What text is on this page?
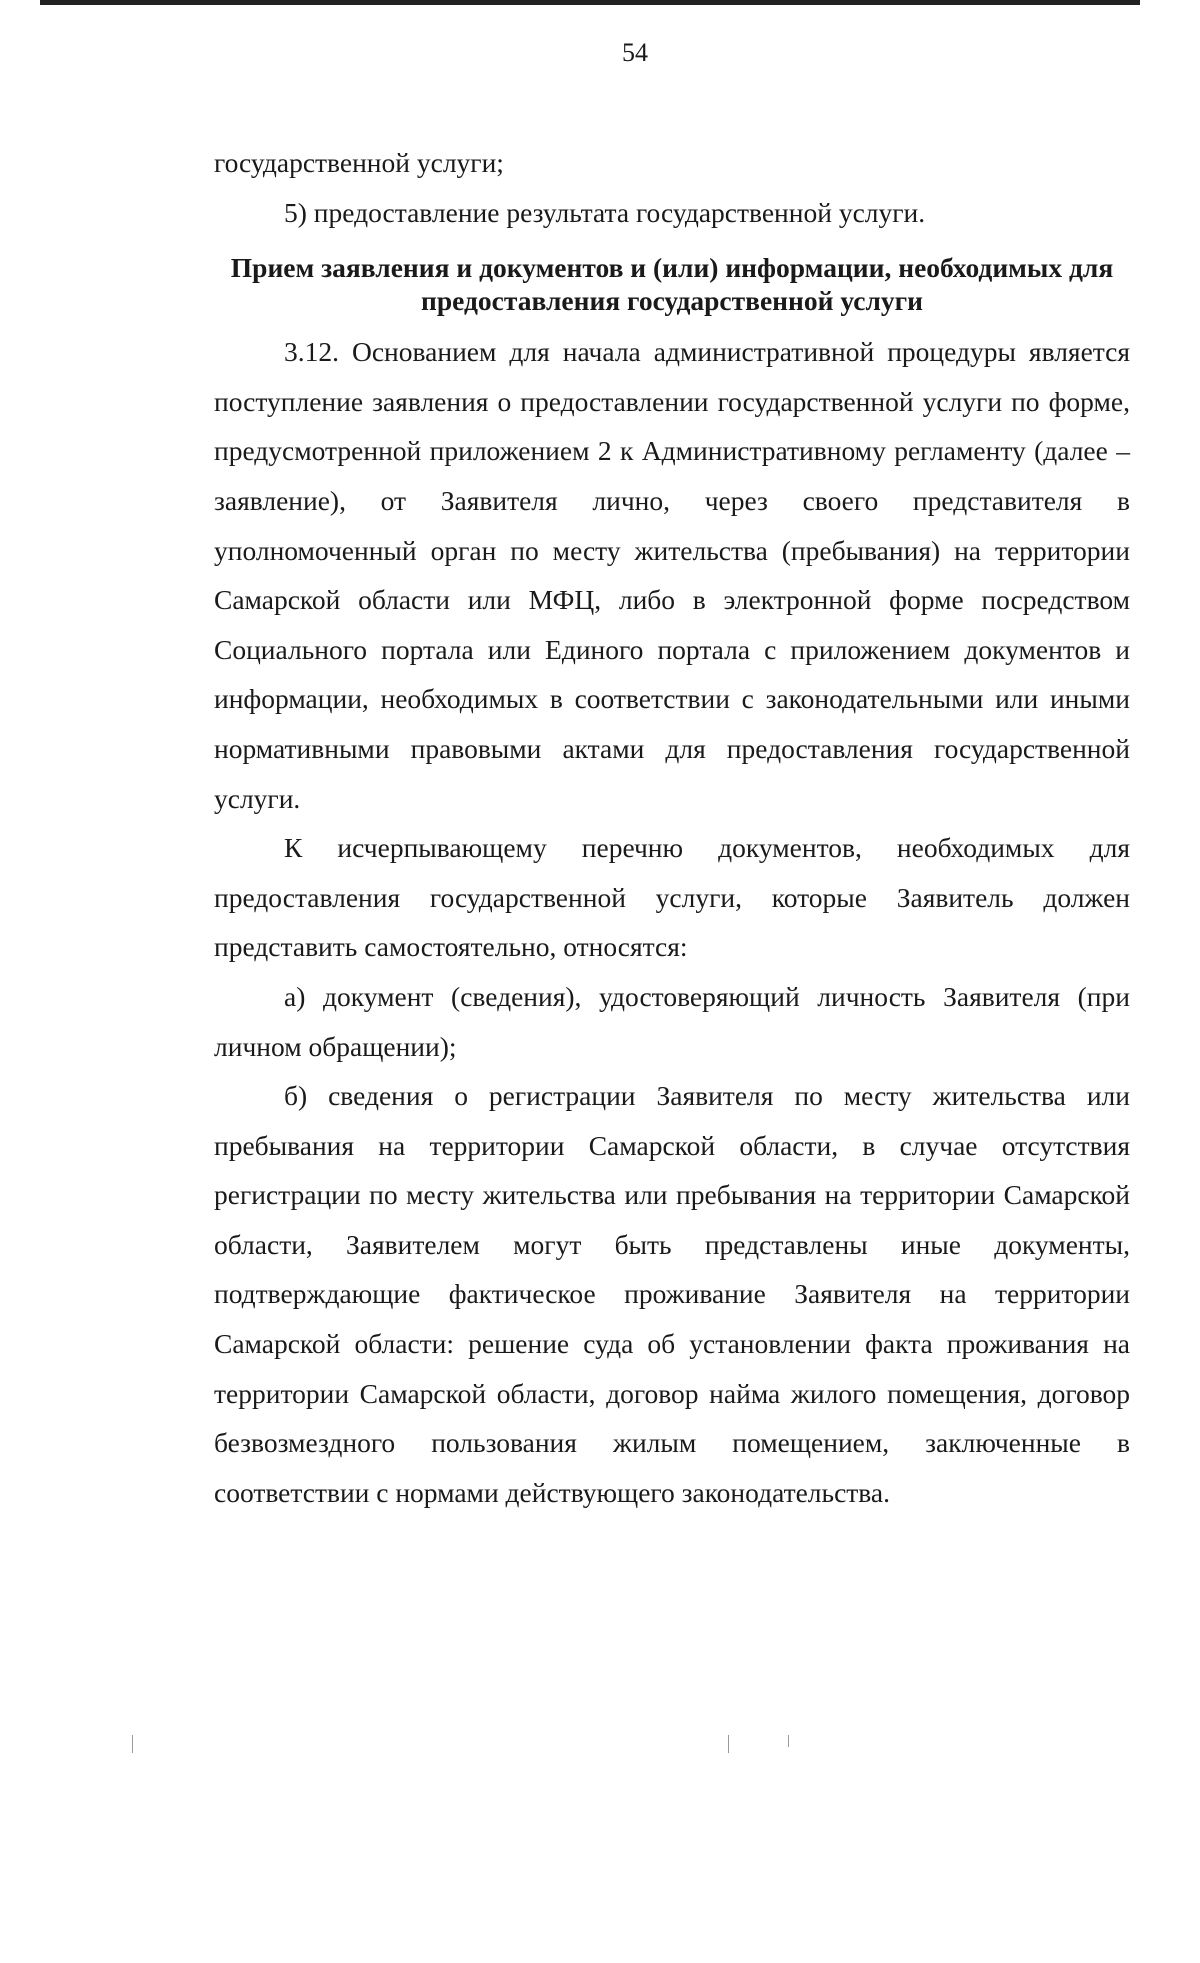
54

государственной услуги;

5) предоставление результата государственной услуги.

Прием заявления и документов и (или) информации, необходимых для предоставления государственной услуги

3.12. Основанием для начала административной процедуры является поступление заявления о предоставлении государственной услуги по форме, предусмотренной приложением 2 к Административному регламенту (далее – заявление), от Заявителя лично, через своего представителя в уполномоченный орган по месту жительства (пребывания) на территории Самарской области или МФЦ, либо в электронной форме посредством Социального портала или Единого портала с приложением документов и информации, необходимых в соответствии с законодательными или иными нормативными правовыми актами для предоставления государственной услуги.

К исчерпывающему перечню документов, необходимых для предоставления государственной услуги, которые Заявитель должен представить самостоятельно, относятся:

а) документ (сведения), удостоверяющий личность Заявителя (при личном обращении);

б) сведения о регистрации Заявителя по месту жительства или пребывания на территории Самарской области, в случае отсутствия регистрации по месту жительства или пребывания на территории Самарской области, Заявителем могут быть представлены иные документы, подтверждающие фактическое проживание Заявителя на территории Самарской области: решение суда об установлении факта проживания на территории Самарской области, договор найма жилого помещения, договор безвозмездного пользования жилым помещением, заключенные в соответствии с нормами действующего законодательства.
